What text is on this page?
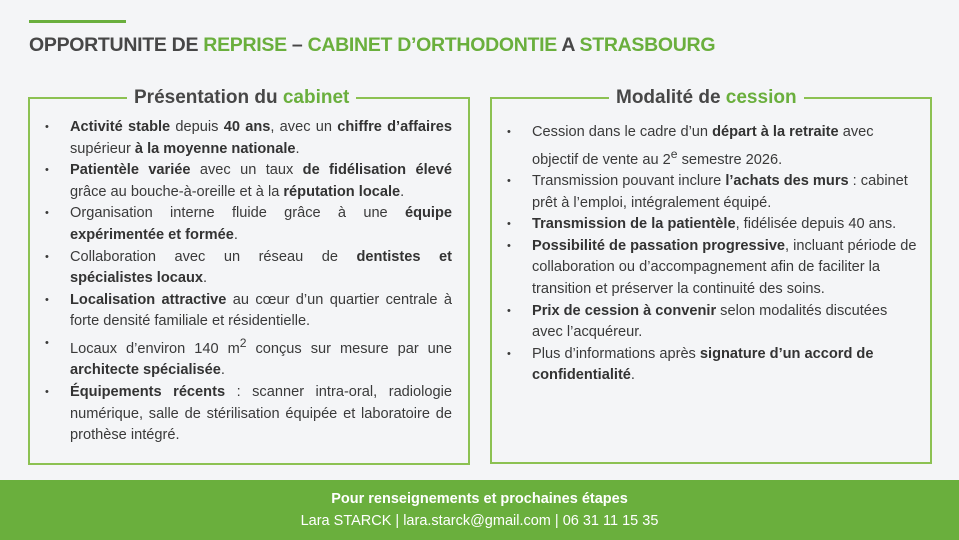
OPPORTUNITE DE REPRISE – CABINET D’ORTHODONTIE A STRASBOURG
Présentation du cabinet
• Activité stable depuis 40 ans, avec un chiffre d’affaires supérieur à la moyenne nationale.
• Patientèle variée avec un taux de fidélisation élevé grâce au bouche-à-oreille et à la réputation locale.
• Organisation interne fluide grâce à une équipe expérimentée et formée.
• Collaboration avec un réseau de dentistes et spécialistes locaux.
• Localisation attractive au cœur d’un quartier centrale à forte densité familiale et résidentielle.
• Locaux d’environ 140 $m^2$ conçus sur mesure par une architecte spécialisée.
• Équipements récents : scanner intra-oral, radiologie numérique, salle de stérilisation équipée et laboratoire de prothèse intégré.
Modalité de cession
• Cession dans le cadre d’un départ à la retraite avec objectif de vente au 2e semestre 2026.
• Transmission pouvant inclure l’achats des murs : cabinet prêt à l’emploi, intégralement équipé.
• Transmission de la patientèle, fidélisée depuis 40 ans.
• Possibilité de passation progressive, incluant période de collaboration ou d’accompagnement afin de faciliter la transition et préserver la continuité des soins.
• Prix de cession à convenir selon modalités discutées avec l’acquéreur.
• Plus d’informations après signature d’un accord de confidentialité.
Pour renseignements et prochaines étapes
Lara STARCK | lara.starck@gmail.com | 06 31 11 15 35
